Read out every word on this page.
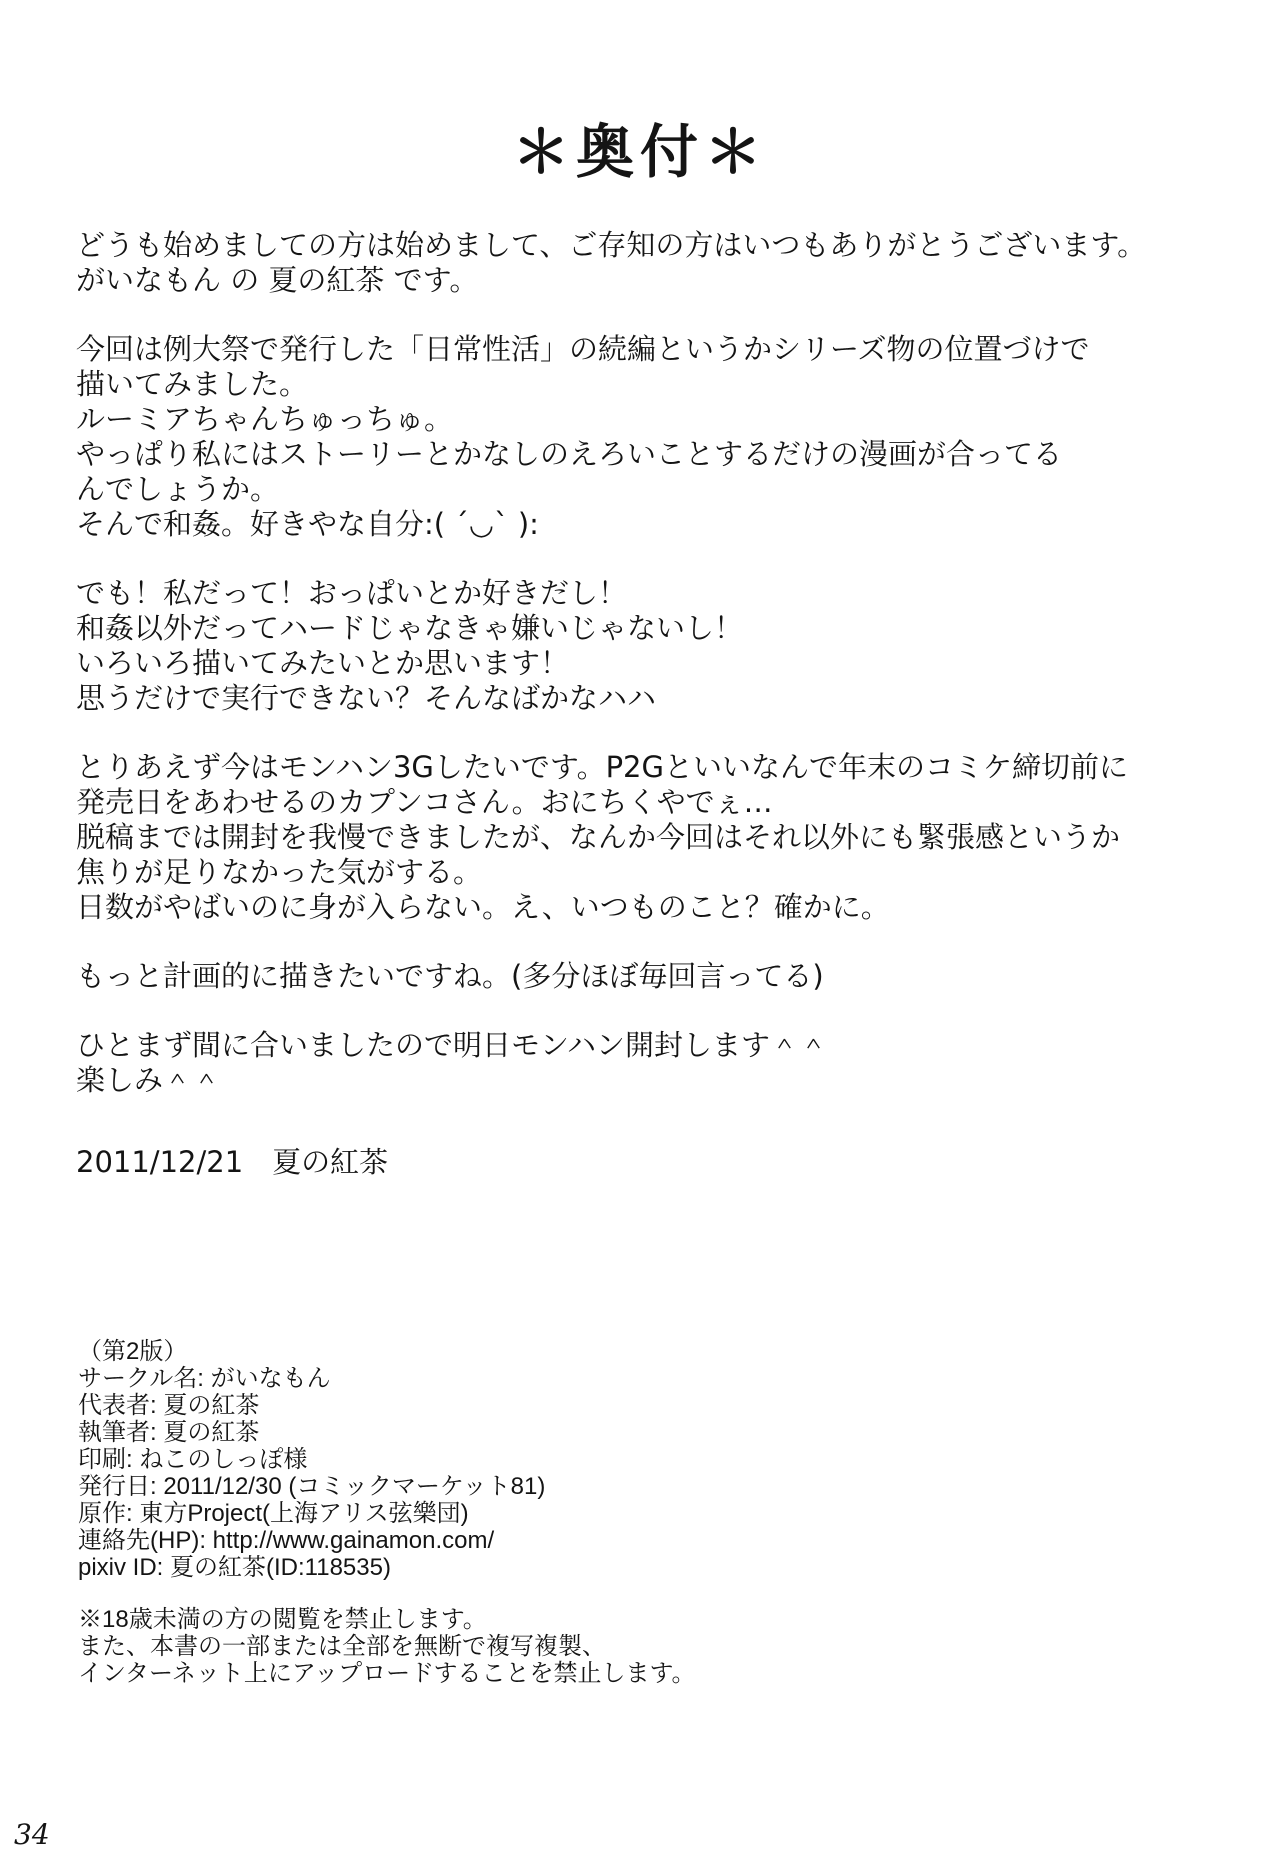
＊奥付＊
どうも始めましての方は始めまして、ご存知の方はいつもありがとうございます。
がいなもん の 夏の紅茶 です。
今回は例大祭で発行した「日常性活」の続編というかシリーズ物の位置づけで
描いてみました。
ルーミアちゃんちゅっちゅ。
やっぱり私にはストーリーとかなしのえろいことするだけの漫画が合ってる
んでしょうか。
そんで和姦。好きやな自分:( ´◡` ):
でも！私だって！おっぱいとか好きだし！
和姦以外だってハードじゃなきゃ嫌いじゃないし！
いろいろ描いてみたいとか思います！
思うだけで実行できない？そんなばかなハハ
とりあえず今はモンハン3Gしたいです。P2Gといいなんで年末のコミケ締切前に
発売日をあわせるのカプンコさん。おにちくやでぇ…
脱稿までは開封を我慢できましたが、なんか今回はそれ以外にも緊張感というか
焦りが足りなかった気がする。
日数がやばいのに身が入らない。え、いつものこと？確かに。
もっと計画的に描きたいですね。(多分ほぼ毎回言ってる)
ひとまず間に合いましたので明日モンハン開封します＾＾
楽しみ＾＾
2011/12/21　夏の紅茶
（第2版）
サークル名: がいなもん
代表者: 夏の紅茶
執筆者: 夏の紅茶
印刷: ねこのしっぽ様
発行日: 2011/12/30 (コミックマーケット81)
原作: 東方Project(上海アリス弦樂団)
連絡先(HP): http://www.gainamon.com/
pixiv ID: 夏の紅茶(ID:118535)
※18歳未満の方の閲覧を禁止します。
また、本書の一部または全部を無断で複写複製、
インターネット上にアップロードすることを禁止します。
34
